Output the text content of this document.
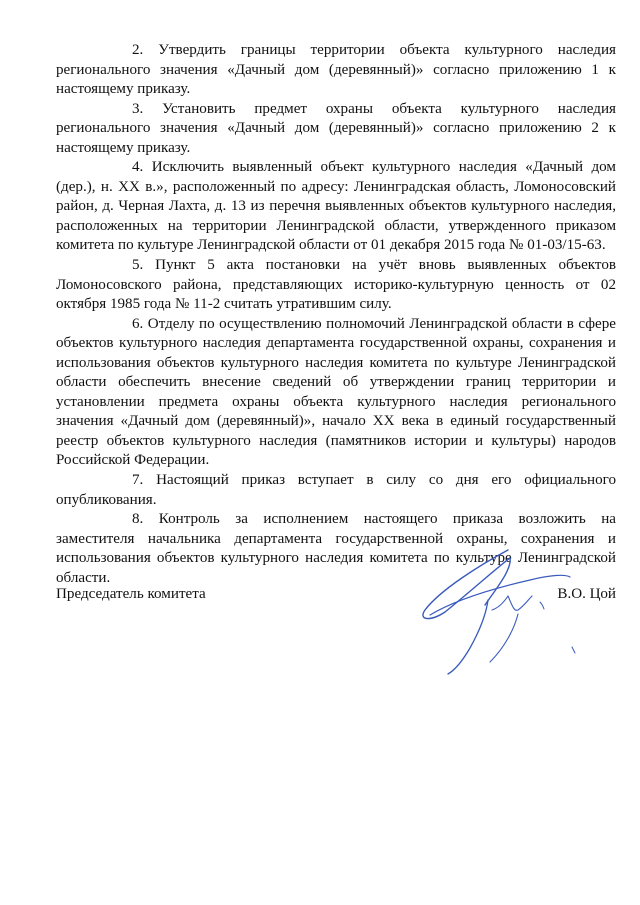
2. Утвердить границы территории объекта культурного наследия регионального значения «Дачный дом (деревянный)» согласно приложению 1 к настоящему приказу.

3. Установить предмет охраны объекта культурного наследия регионального значения «Дачный дом (деревянный)» согласно приложению 2 к настоящему приказу.

4. Исключить выявленный объект культурного наследия «Дачный дом (дер.), н. XX в.», расположенный по адресу: Ленинградская область, Ломоносовский район, д. Черная Лахта, д. 13 из перечня выявленных объектов культурного наследия, расположенных на территории Ленинградской области, утвержденного приказом комитета по культуре Ленинградской области от 01 декабря 2015 года № 01-03/15-63.

5. Пункт 5 акта постановки на учёт вновь выявленных объектов Ломоносовского района, представляющих историко-культурную ценность от 02 октября 1985 года № 11-2 считать утратившим силу.

6. Отделу по осуществлению полномочий Ленинградской области в сфере объектов культурного наследия департамента государственной охраны, сохранения и использования объектов культурного наследия комитета по культуре Ленинградской области обеспечить внесение сведений об утверждении границ территории и установлении предмета охраны объекта культурного наследия регионального значения «Дачный дом (деревянный)», начало XX века в единый государственный реестр объектов культурного наследия (памятников истории и культуры) народов Российской Федерации.

7. Настоящий приказ вступает в силу со дня его официального опубликования.

8. Контроль за исполнением настоящего приказа возложить на заместителя начальника департамента государственной охраны, сохранения и использования объектов культурного наследия комитета по культуре Ленинградской области.

Председатель комитета	В.О. Цой
